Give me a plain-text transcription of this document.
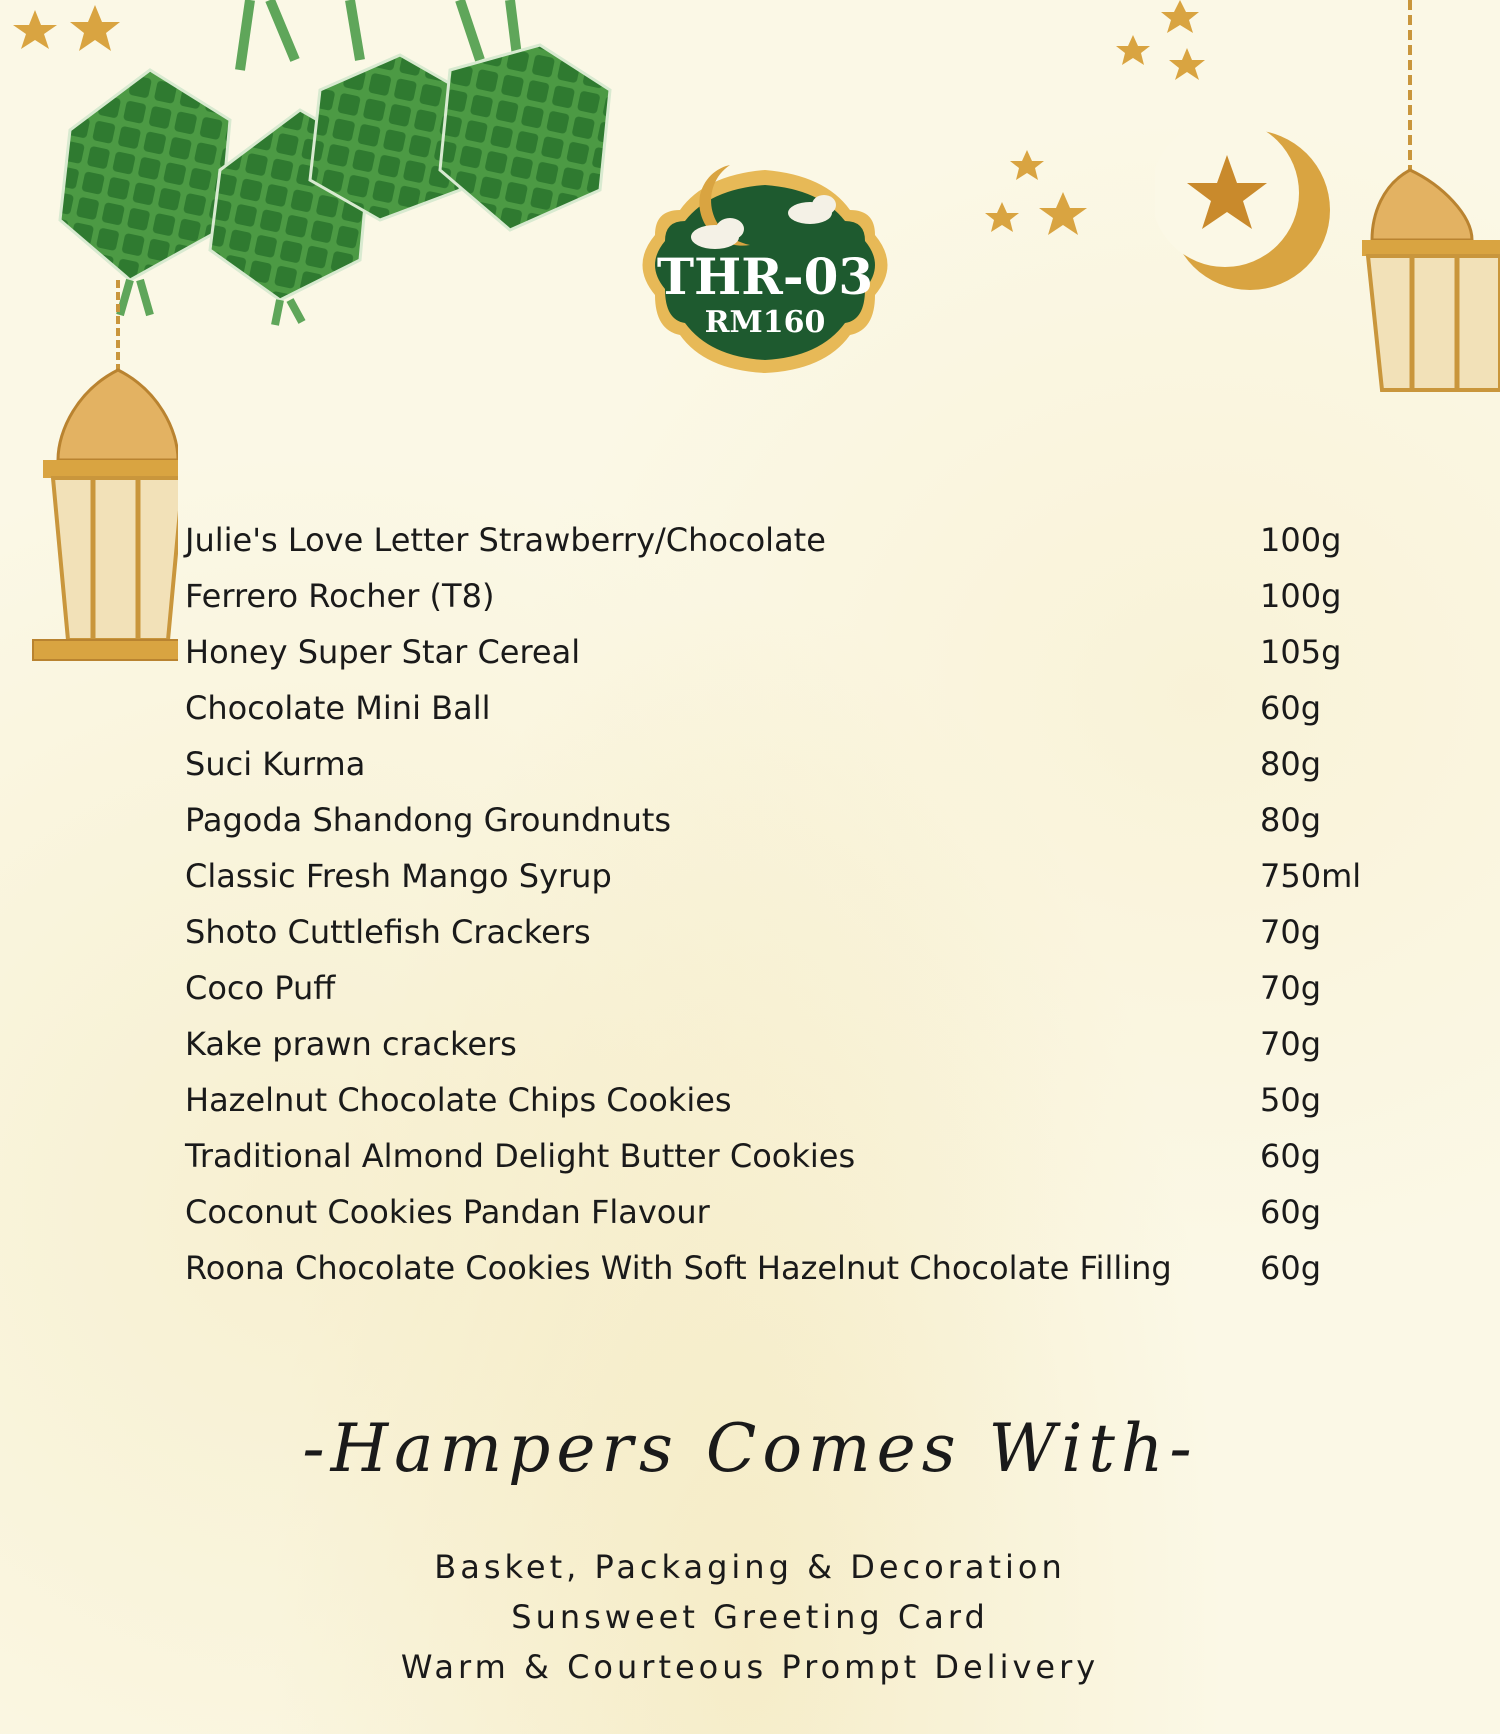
THR-03
RM160
Julie's Love Letter Strawberry/Chocolate	100g
Ferrero Rocher (T8)	100g
Honey Super Star Cereal	105g
Chocolate Mini Ball	60g
Suci Kurma	80g
Pagoda Shandong Groundnuts	80g
Classic Fresh Mango Syrup	750ml
Shoto Cuttlefish Crackers	70g
Coco Puff	70g
Kake prawn crackers	70g
Hazelnut Chocolate Chips Cookies	50g
Traditional Almond Delight Butter Cookies	60g
Coconut Cookies Pandan Flavour	60g
Roona Chocolate Cookies With Soft Hazelnut Chocolate Filling	60g
-Hampers Comes With-
Basket, Packaging & Decoration
Sunsweet Greeting Card
Warm & Courteous Prompt Delivery
